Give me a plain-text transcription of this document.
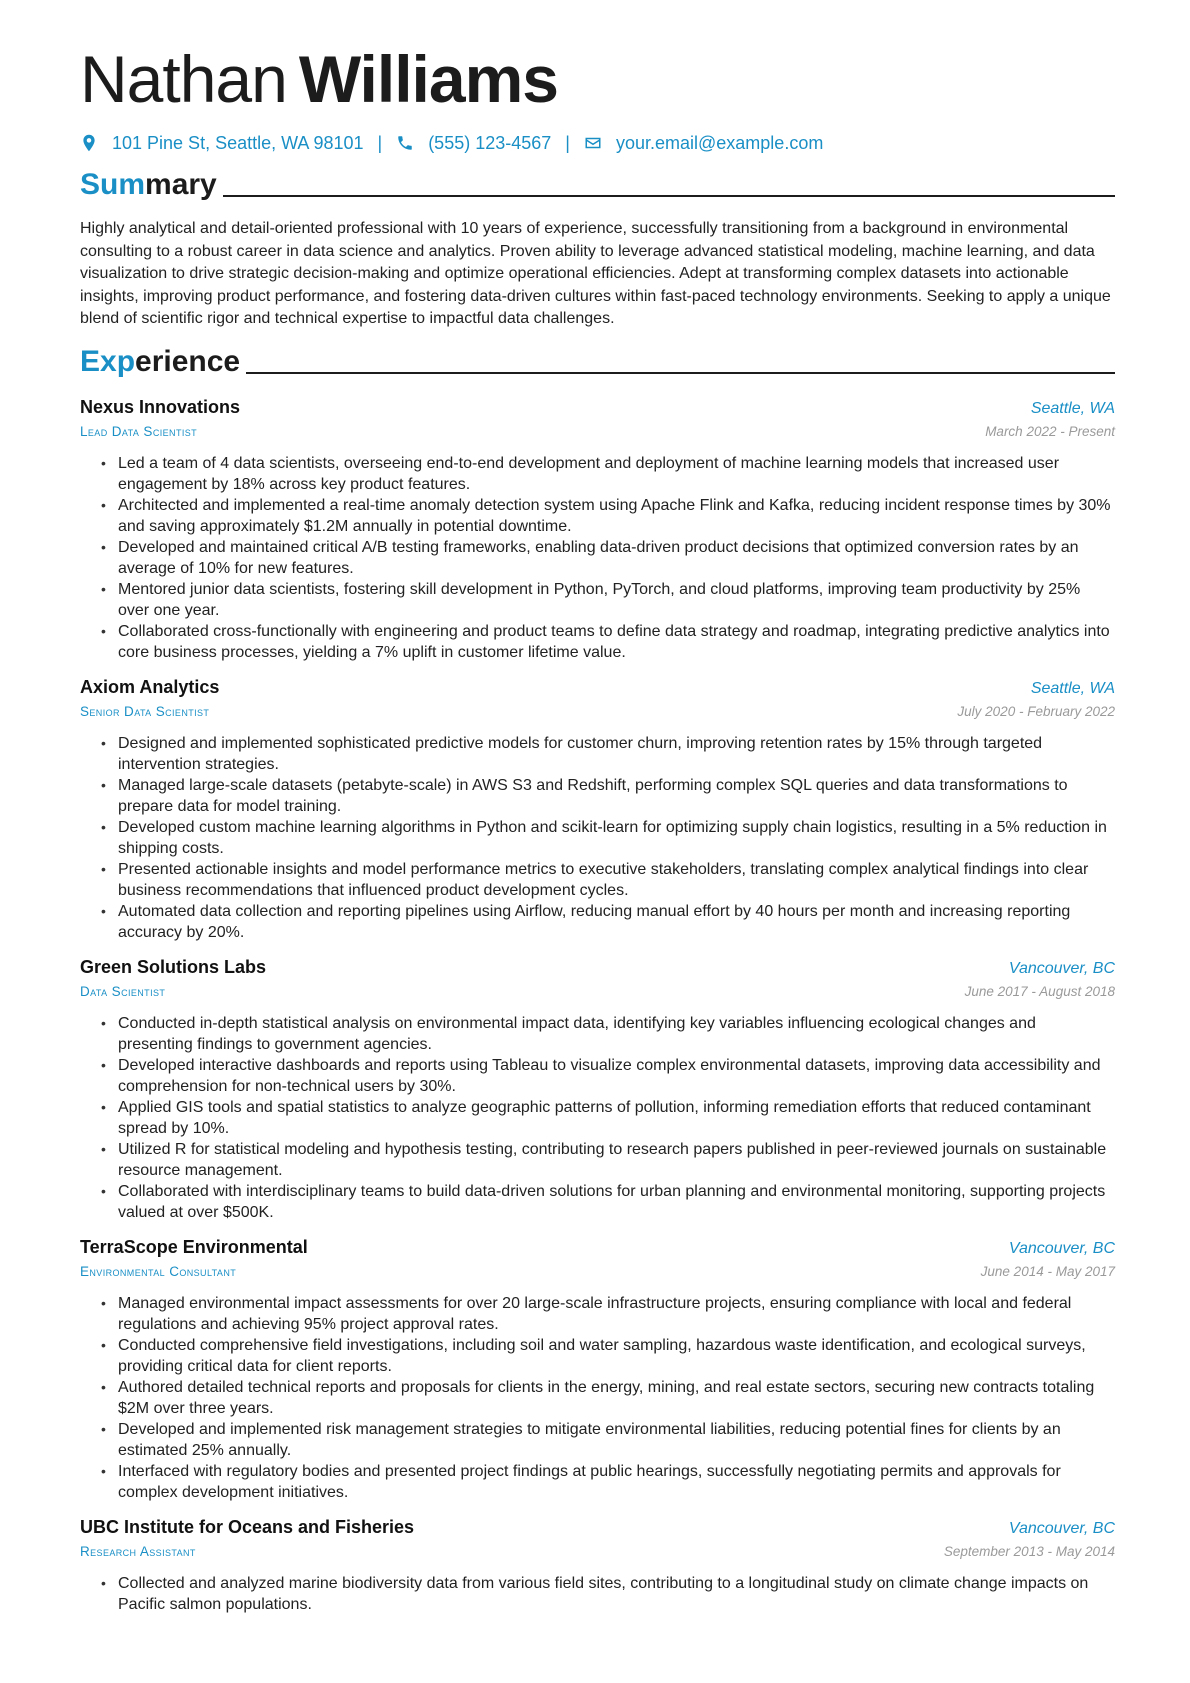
Nathan Williams
101 Pine St, Seattle, WA 98101 |	(555) 123-4567 |	your.email@example.com
Summary
Highly analytical and detail-oriented professional with 10 years of experience, successfully transitioning from a background in environmental consulting to a robust career in data science and analytics. Proven ability to leverage advanced statistical modeling, machine learning, and data visualization to drive strategic decision-making and optimize operational efficiencies. Adept at transforming complex datasets into actionable insights, improving product performance, and fostering data-driven cultures within fast-paced technology environments. Seeking to apply a unique blend of scientific rigor and technical expertise to impactful data challenges.
Experience
Nexus Innovations	Seattle, WA
Lead Data Scientist	March 2022 - Present
• Led a team of 4 data scientists, overseeing end-to-end development and deployment of machine learning models that increased user engagement by 18% across key product features.
• Architected and implemented a real-time anomaly detection system using Apache Flink and Kafka, reducing incident response times by 30% and saving approximately $1.2M annually in potential downtime.
• Developed and maintained critical A/B testing frameworks, enabling data-driven product decisions that optimized conversion rates by an average of 10% for new features.
• Mentored junior data scientists, fostering skill development in Python, PyTorch, and cloud platforms, improving team productivity by 25% over one year.
• Collaborated cross-functionally with engineering and product teams to define data strategy and roadmap, integrating predictive analytics into core business processes, yielding a 7% uplift in customer lifetime value.
Axiom Analytics	Seattle, WA
Senior Data Scientist	July 2020 - February 2022
• Designed and implemented sophisticated predictive models for customer churn, improving retention rates by 15% through targeted intervention strategies.
• Managed large-scale datasets (petabyte-scale) in AWS S3 and Redshift, performing complex SQL queries and data transformations to prepare data for model training.
• Developed custom machine learning algorithms in Python and scikit-learn for optimizing supply chain logistics, resulting in a 5% reduction in shipping costs.
• Presented actionable insights and model performance metrics to executive stakeholders, translating complex analytical findings into clear business recommendations that influenced product development cycles.
• Automated data collection and reporting pipelines using Airflow, reducing manual effort by 40 hours per month and increasing reporting accuracy by 20%.
Green Solutions Labs	Vancouver, BC
Data Scientist	June 2017 - August 2018
• Conducted in-depth statistical analysis on environmental impact data, identifying key variables influencing ecological changes and presenting findings to government agencies.
• Developed interactive dashboards and reports using Tableau to visualize complex environmental datasets, improving data accessibility and comprehension for non-technical users by 30%.
• Applied GIS tools and spatial statistics to analyze geographic patterns of pollution, informing remediation efforts that reduced contaminant spread by 10%.
• Utilized R for statistical modeling and hypothesis testing, contributing to research papers published in peer-reviewed journals on sustainable resource management.
• Collaborated with interdisciplinary teams to build data-driven solutions for urban planning and environmental monitoring, supporting projects valued at over $500K.
TerraScope Environmental	Vancouver, BC
Environmental Consultant	June 2014 - May 2017
• Managed environmental impact assessments for over 20 large-scale infrastructure projects, ensuring compliance with local and federal regulations and achieving 95% project approval rates.
• Conducted comprehensive field investigations, including soil and water sampling, hazardous waste identification, and ecological surveys, providing critical data for client reports.
• Authored detailed technical reports and proposals for clients in the energy, mining, and real estate sectors, securing new contracts totaling $2M over three years.
• Developed and implemented risk management strategies to mitigate environmental liabilities, reducing potential fines for clients by an estimated 25% annually.
• Interfaced with regulatory bodies and presented project findings at public hearings, successfully negotiating permits and approvals for complex development initiatives.
UBC Institute for Oceans and Fisheries	Vancouver, BC
Research Assistant	September 2013 - May 2014
• Collected and analyzed marine biodiversity data from various field sites, contributing to a longitudinal study on climate change impacts on Pacific salmon populations.
